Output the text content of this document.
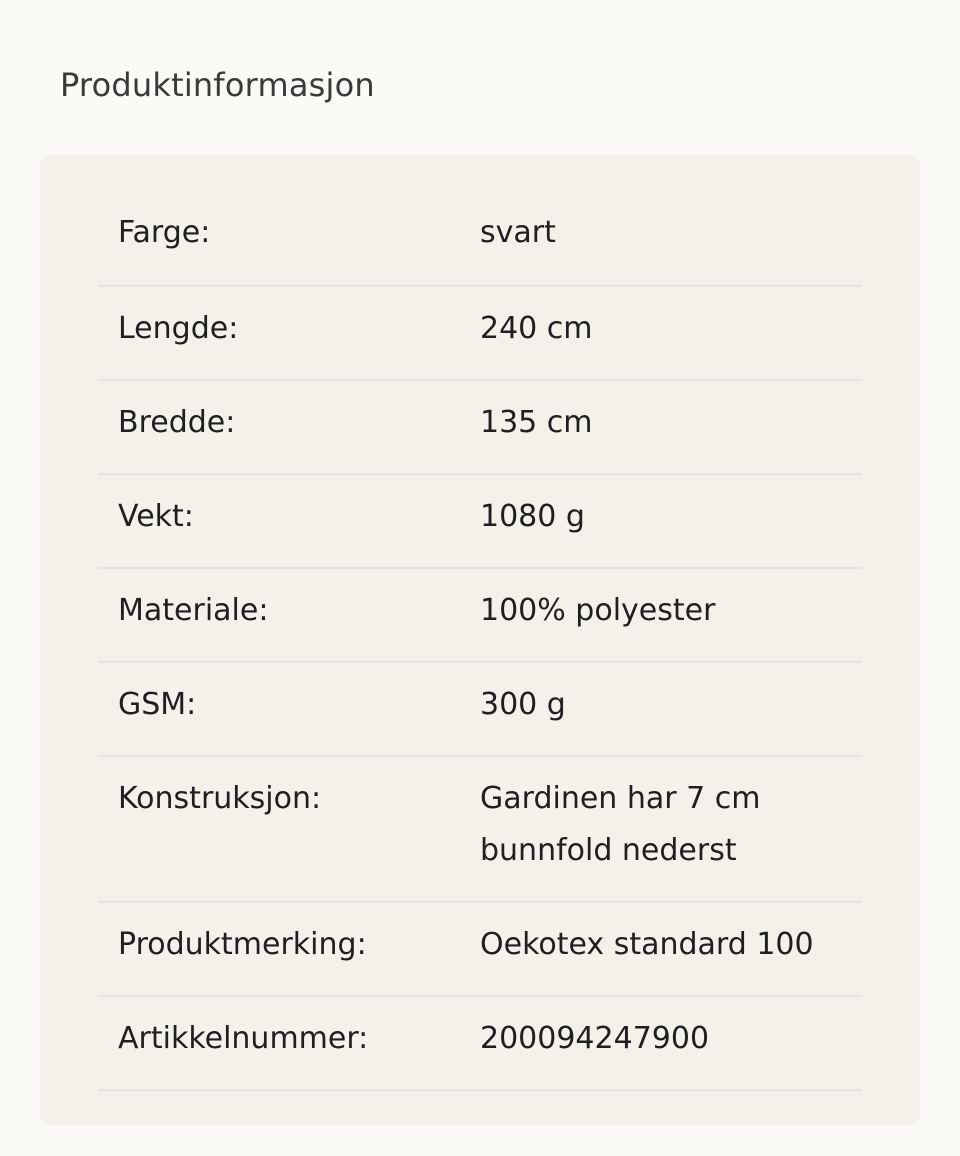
Produktinformasjon
Farge:	svart
Lengde:	240 cm
Bredde:	135 cm
Vekt:	1080 g
Materiale:	100% polyester
GSM:	300 g
Konstruksjon:	Gardinen har 7 cm bunnfold nederst
Produktmerking:	Oekotex standard 100
Artikkelnummer:	200094247900
